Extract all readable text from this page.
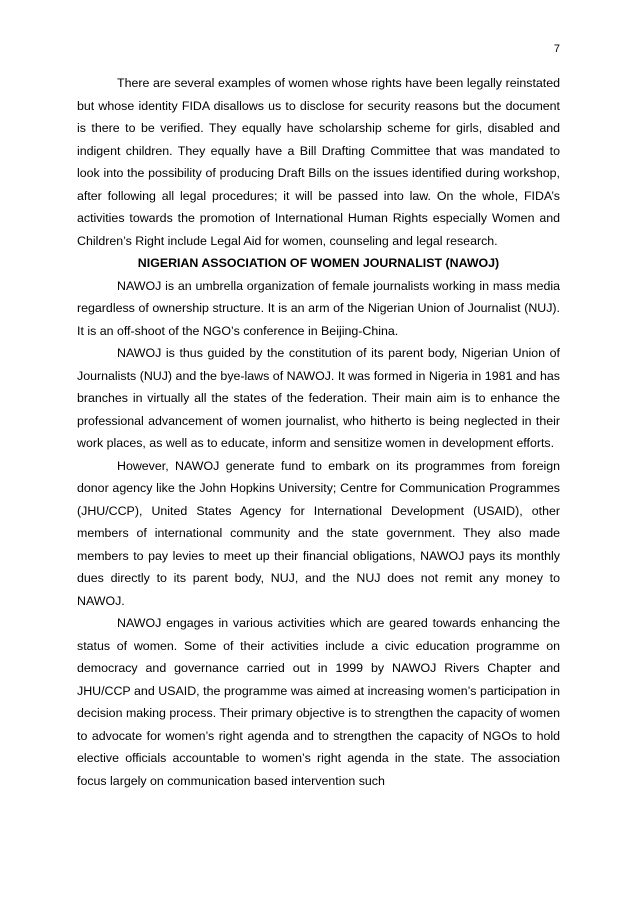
7

There are several examples of women whose rights have been legally reinstated but whose identity FIDA disallows us to disclose for security reasons but the document is there to be verified. They equally have scholarship scheme for girls, disabled and indigent children. They equally have a Bill Drafting Committee that was mandated to look into the possibility of producing Draft Bills on the issues identified during workshop, after following all legal procedures; it will be passed into law. On the whole, FIDA’s activities towards the promotion of International Human Rights especially Women and Children’s Right include Legal Aid for women, counseling and legal research.

NIGERIAN ASSOCIATION OF WOMEN JOURNALIST (NAWOJ)

NAWOJ is an umbrella organization of female journalists working in mass media regardless of ownership structure. It is an arm of the Nigerian Union of Journalist (NUJ). It is an off-shoot of the NGO’s conference in Beijing-China.

NAWOJ is thus guided by the constitution of its parent body, Nigerian Union of Journalists (NUJ) and the bye-laws of NAWOJ. It was formed in Nigeria in 1981 and has branches in virtually all the states of the federation. Their main aim is to enhance the professional advancement of women journalist, who hitherto is being neglected in their work places, as well as to educate, inform and sensitize women in development efforts.

However, NAWOJ generate fund to embark on its programmes from foreign donor agency like the John Hopkins University; Centre for Communication Programmes (JHU/CCP), United States Agency for International Development (USAID), other members of international community and the state government. They also made members to pay levies to meet up their financial obligations, NAWOJ pays its monthly dues directly to its parent body, NUJ, and the NUJ does not remit any money to NAWOJ.

NAWOJ engages in various activities which are geared towards enhancing the status of women. Some of their activities include a civic education programme on democracy and governance carried out in 1999 by NAWOJ Rivers Chapter and JHU/CCP and USAID, the programme was aimed at increasing women’s participation in decision making process. Their primary objective is to strengthen the capacity of women to advocate for women’s right agenda and to strengthen the capacity of NGOs to hold elective officials accountable to women’s right agenda in the state. The association focus largely on communication based intervention such
